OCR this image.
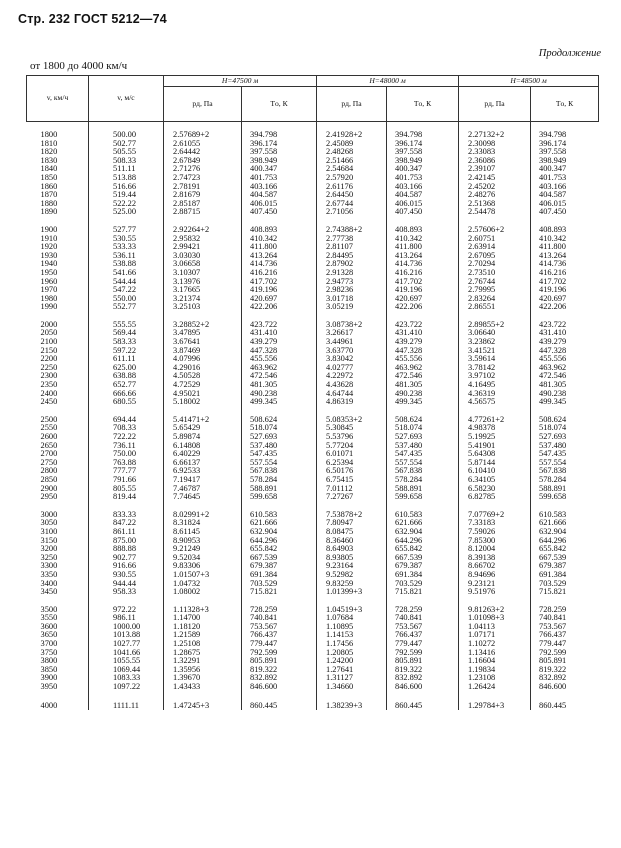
Стр. 232 ГОСТ 5212—74
Продолжение
от 1800 до 4000 км/ч
v, км/ч	v, м/с	H=47500 м		H=48000 м		H=48500 м	
		pд, Па	Tо, К	pд, Па	Tо, К	pд, Па	Tо, К
1800	500.00	2.57689+2	394.798	2.41928+2	394.798	2.27132+2	394.798
1810	502.77	2.61055	396.174	2.45089	396.174	2.30098	396.174
1820	505.55	2.64442	397.558	2.48268	397.558	2.33083	397.558
1830	508.33	2.67849	398.949	2.51466	398.949	2.36086	398.949
1840	511.11	2.71276	400.347	2.54684	400.347	2.39107	400.347
1850	513.88	2.74723	401.753	2.57920	401.753	2.42145	401.753
1860	516.66	2.78191	403.166	2.61176	403.166	2.45202	403.166
1870	519.44	2.81679	404.587	2.64450	404.587	2.48276	404.587
1880	522.22	2.85187	406.015	2.67744	406.015	2.51368	406.015
1890	525.00	2.88715	407.450	2.71056	407.450	2.54478	407.450
1900	527.77	2.92264+2	408.893	2.74388+2	408.893	2.57606+2	408.893
1910	530.55	2.95832	410.342	2.77738	410.342	2.60751	410.342
1920	533.33	2.99421	411.800	2.81107	411.800	2.63914	411.800
1930	536.11	3.03030	413.264	2.84495	413.264	2.67095	413.264
1940	538.88	3.06658	414.736	2.87902	414.736	2.70294	414.736
1950	541.66	3.10307	416.216	2.91328	416.216	2.73510	416.216
1960	544.44	3.13976	417.702	2.94773	417.702	2.76744	417.702
1970	547.22	3.17665	419.196	2.98236	419.196	2.79995	419.196
1980	550.00	3.21374	420.697	3.01718	420.697	2.83264	420.697
1990	552.77	3.25103	422.206	3.05219	422.206	2.86551	422.206
2000	555.55	3.28852+2	423.722	3.08738+2	423.722	2.89855+2	423.722
2050	569.44	3.47895	431.410	3.26617	431.410	3.06640	431.410
2100	583.33	3.67641	439.279	3.44961	439.279	3.23862	439.279
2150	597.22	3.87469	447.328	3.63770	447.328	3.41521	447.328
2200	611.11	4.07996	455.556	3.83042	455.556	3.59614	455.556
2250	625.00	4.29016	463.962	4.02777	463.962	3.78142	463.962
2300	638.88	4.50528	472.546	4.22972	472.546	3.97102	472.546
2350	652.77	4.72529	481.305	4.43628	481.305	4.16495	481.305
2400	666.66	4.95021	490.238	4.64744	490.238	4.36319	490.238
2450	680.55	5.18002	499.345	4.86319	499.345	4.56575	499.345
2500	694.44	5.41471+2	508.624	5.08353+2	508.624	4.77261+2	508.624
2550	708.33	5.65429	518.074	5.30845	518.074	4.98378	518.074
2600	722.22	5.89874	527.693	5.53796	527.693	5.19925	527.693
2650	736.11	6.14808	537.480	5.77204	537.480	5.41901	537.480
2700	750.00	6.40229	547.435	6.01071	547.435	5.64308	547.435
2750	763.88	6.66137	557.554	6.25394	557.554	5.87144	557.554
2800	777.77	6.92533	567.838	6.50176	567.838	6.10410	567.838
2850	791.66	7.19417	578.284	6.75415	578.284	6.34105	578.284
2900	805.55	7.46787	588.891	7.01112	588.891	6.58230	588.891
2950	819.44	7.74645	599.658	7.27267	599.658	6.82785	599.658
3000	833.33	8.02991+2	610.583	7.53878+2	610.583	7.07769+2	610.583
3050	847.22	8.31824	621.666	7.80947	621.666	7.33183	621.666
3100	861.11	8.61145	632.904	8.08475	632.904	7.59026	632.904
3150	875.00	8.90953	644.296	8.36460	644.296	7.85300	644.296
3200	888.88	9.21249	655.842	8.64903	655.842	8.12004	655.842
3250	902.77	9.52034	667.539	8.93805	667.539	8.39138	667.539
3300	916.66	9.83306	679.387	9.23164	679.387	8.66702	679.387
3350	930.55	1.01507+3	691.384	9.52982	691.384	8.94696	691.384
3400	944.44	1.04732	703.529	9.83259	703.529	9.23121	703.529
3450	958.33	1.08002	715.821	1.01399+3	715.821	9.51976	715.821
3500	972.22	1.11328+3	728.259	1.04519+3	728.259	9.81263+2	728.259
3550	986.11	1.14700	740.841	1.07684	740.841	1.01098+3	740.841
3600	1000.00	1.18120	753.567	1.10895	753.567	1.04113	753.567
3650	1013.88	1.21589	766.437	1.14153	766.437	1.07171	766.437
3700	1027.77	1.25108	779.447	1.17456	779.447	1.10272	779.447
3750	1041.66	1.28675	792.599	1.20805	792.599	1.13416	792.599
3800	1055.55	1.32291	805.891	1.24200	805.891	1.16604	805.891
3850	1069.44	1.35956	819.322	1.27641	819.322	1.19834	819.322
3900	1083.33	1.39670	832.892	1.31127	832.892	1.23108	832.892
3950	1097.22	1.43433	846.600	1.34660	846.600	1.26424	846.600
4000	1111.11	1.47245+3	860.445	1.38239+3	860.445	1.29784+3	860.445
